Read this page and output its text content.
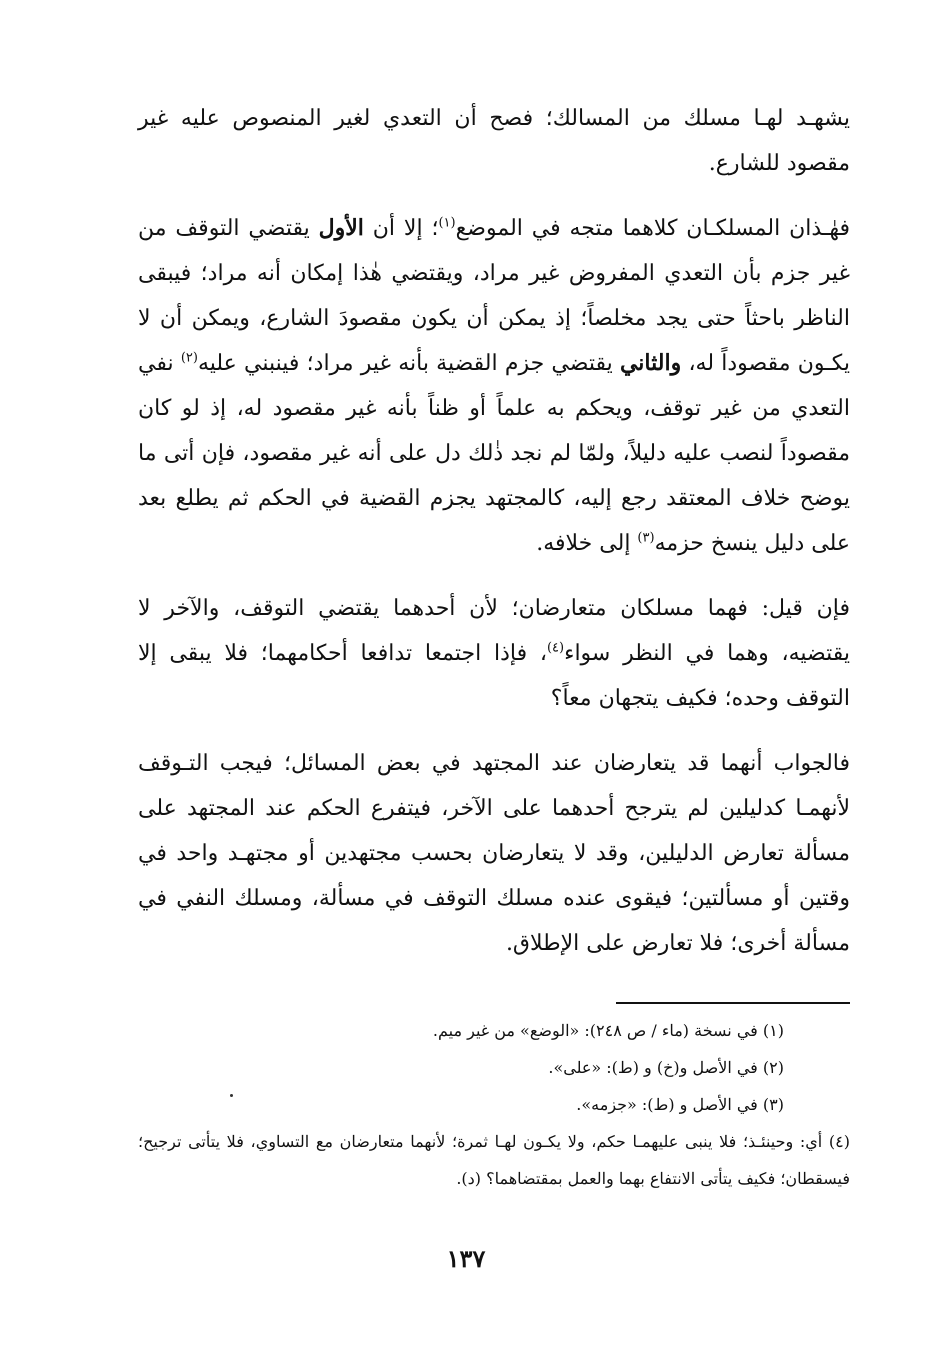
يشهـد لهـا مسلك من المسالك؛ فصح أن التعدي لغير المنصوص عليه غير مقصود للشارع.

فهٰـذان المسلكـان كلاهما متجه في الموضع$^{(١)}$؛ إلا أن الأول يقتضي التوقف من غير جزم بأن التعدي المفروض غير مراد، ويقتضي هٰذا إمكان أنه مراد؛ فيبقى الناظر باحثاً حتى يجد مخلصاً؛ إذ يمكن أن يكون مقصودَ الشارع، ويمكن أن لا يكـون مقصوداً له، والثاني يقتضي جزم القضية بأنه غير مراد؛ فينبني عليه$^{(٢)}$ نفي التعدي من غير توقف، ويحكم به علماً أو ظناً بأنه غير مقصود له، إذ لو كان مقصوداً لنصب عليه دليلاً، ولمّا لم نجد ذٰلك دل على أنه غير مقصود، فإن أتى ما يوضح خلاف المعتقد رجع إليه، كالمجتهد يجزم القضية في الحكم ثم يطلع بعد على دليل ينسخ حزمه$^{(٣)}$ إلى خلافه.

فإن قيل: فهما مسلكان متعارضان؛ لأن أحدهما يقتضي التوقف، والآخر لا يقتضيه، وهما في النظر سواء$^{(٤)}$، فإذا اجتمعا تدافعا أحكامهما؛ فلا يبقى إلا التوقف وحده؛ فكيف يتجهان معاً؟

فالجواب أنهما قد يتعارضان عند المجتهد في بعض المسائل؛ فيجب التـوقف لأنهمـا كدليلين لم يترجح أحدهما على الآخر، فيتفرع الحكم عند المجتهد على مسألة تعارض الدليلين، وقد لا يتعارضان بحسب مجتهدين أو مجتهـد واحد في وقتين أو مسألتين؛ فيقوى عنده مسلك التوقف في مسألة، ومسلك النفي في مسألة أخرى؛ فلا تعارض على الإطلاق.

(١) في نسخة (ماء / ص ٢٤٨): «الوضع» من غير ميم.

(٢) في الأصل و(خ) و (ط): «على».

(٣) في الأصل و (ط): «جزمه».

(٤) أي: وحينئـذ؛ فلا ينبى عليهمـا حكم، ولا يكـون لهـا ثمرة؛ لأنهما متعارضان مع التساوي، فلا يتأتى ترجيح؛ فيسقطان؛ فكيف يتأتى الانتفاع بهما والعمل بمقتضاهما؟ (د).

١٣٧
